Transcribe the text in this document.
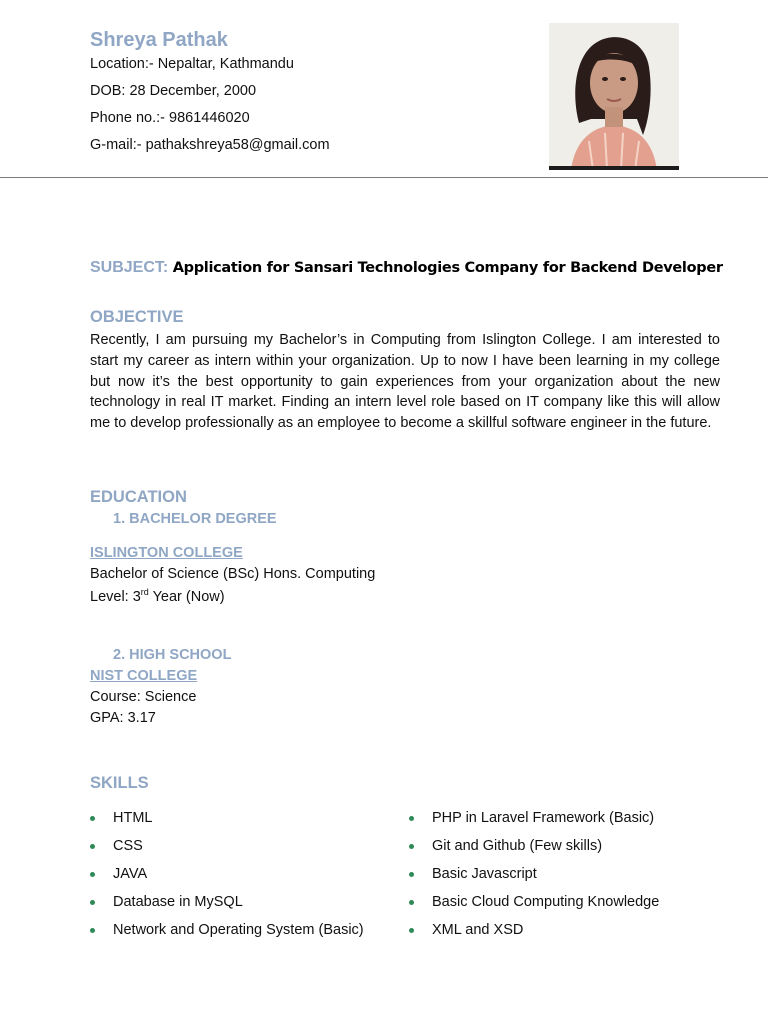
Shreya Pathak
Location:- Nepaltar, Kathmandu
DOB: 28 December, 2000
Phone no.:- 9861446020
G-mail:- pathakshreya58@gmail.com
SUBJECT: Application for Sansari Technologies Company for Backend Developer
OBJECTIVE
Recently, I am pursuing my Bachelor’s in Computing from Islington College. I am interested to start my career as intern within your organization. Up to now I have been learning in my college but now it’s the best opportunity to gain experiences from your organization about the new technology in real IT market. Finding an intern level role based on IT company like this will allow me to develop professionally as an employee to become a skillful software engineer in the future.
EDUCATION
1. BACHELOR DEGREE
ISLINGTON COLLEGE
Bachelor of Science (BSc) Hons. Computing
Level: 3rd Year (Now)
2. HIGH SCHOOL
NIST COLLEGE
Course: Science
GPA: 3.17
SKILLS
HTML
CSS
JAVA
Database in MySQL
Network and Operating System (Basic)
PHP in Laravel Framework (Basic)
Git and Github (Few skills)
Basic Javascript
Basic Cloud Computing Knowledge
XML and XSD
